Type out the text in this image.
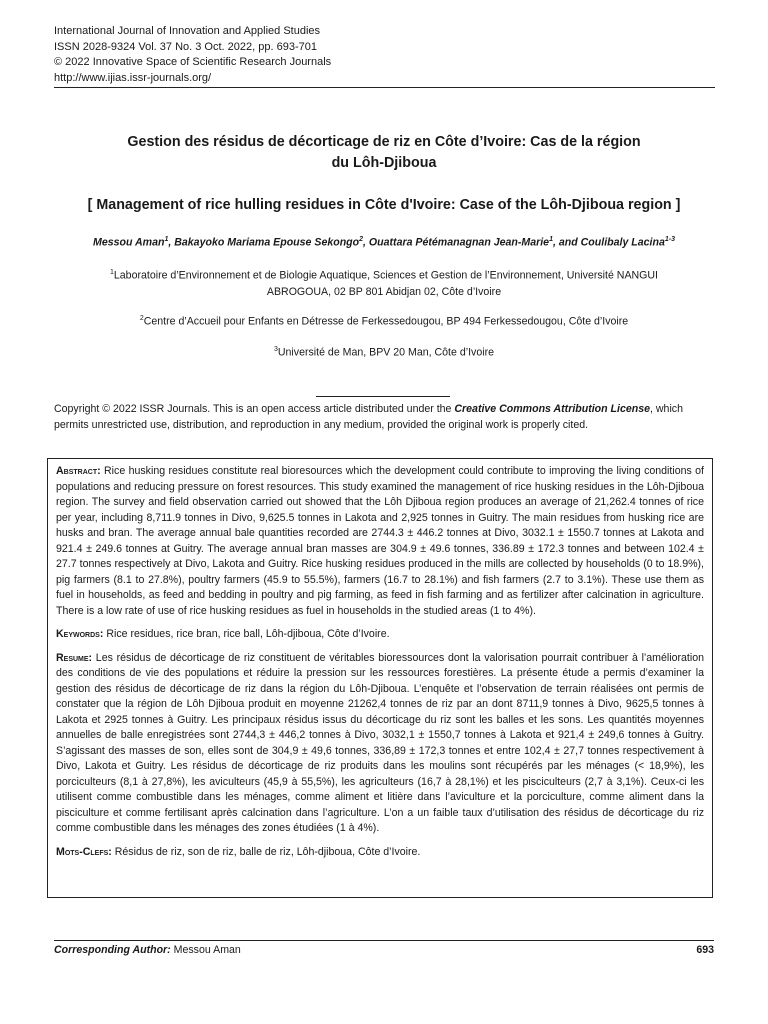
International Journal of Innovation and Applied Studies
ISSN 2028-9324 Vol. 37 No. 3 Oct. 2022, pp. 693-701
© 2022 Innovative Space of Scientific Research Journals
http://www.ijias.issr-journals.org/
Gestion des résidus de décorticage de riz en Côte d’Ivoire: Cas de la région
du Lôh-Djiboua
[ Management of rice hulling residues in Côte d'Ivoire: Case of the Lôh-Djiboua region ]
Messou Aman$^1$, Bakayoko Mariama Epouse Sekongo$^2$, Ouattara Pétémanagnan Jean-Marie$^1$, and Coulibaly Lacina$^{1-3}$
$^1$Laboratoire d’Environnement et de Biologie Aquatique, Sciences et Gestion de l’Environnement, Université NANGUI
ABROGOUA, 02 BP 801 Abidjan 02, Côte d’Ivoire
$^2$Centre d’Accueil pour Enfants en Détresse de Ferkessedougou, BP 494 Ferkessedougou, Côte d’Ivoire
$^3$Université de Man, BPV 20 Man, Côte d’Ivoire
Copyright © 2022 ISSR Journals. This is an open access article distributed under the Creative Commons Attribution License, which permits unrestricted use, distribution, and reproduction in any medium, provided the original work is properly cited.

Abstract: Rice husking residues constitute real bioresources which the development could contribute to improving the living conditions of populations and reducing pressure on forest resources. This study examined the management of rice husking residues in the Lôh-Djiboua region. The survey and field observation carried out showed that the Lôh Djiboua region produces an average of 21,262.4 tonnes of rice per year, including 8,711.9 tonnes in Divo, 9,625.5 tonnes in Lakota and 2,925 tonnes in Guitry. The main residues from husking rice are husks and bran. The average annual bale quantities recorded are 2744.3 ± 446.2 tonnes at Divo, 3032.1 ± 1550.7 tonnes at Lakota and 921.4 ± 249.6 tonnes at Guitry. The average annual bran masses are 304.9 ± 49.6 tonnes, 336.89 ± 172.3 tonnes and between 102.4 ± 27.7 tonnes respectively at Divo, Lakota and Guitry. Rice husking residues produced in the mills are collected by households (0 to 18.9%), pig farmers (8.1 to 27.8%), poultry farmers (45.9 to 55.5%), farmers (16.7 to 28.1%) and fish farmers (2.7 to 3.1%). These use them as fuel in households, as feed and bedding in poultry and pig farming, as feed in fish farming and as fertilizer after calcination in agriculture. There is a low rate of use of rice husking residues as fuel in households in the studied areas (1 to 4%).

Keywords: Rice residues, rice bran, rice ball, Lôh-djiboua, Côte d’Ivoire.

Resume: Les résidus de décorticage de riz constituent de véritables bioressources dont la valorisation pourrait contribuer à l’amélioration des conditions de vie des populations et réduire la pression sur les ressources forestières. La présente étude a permis d’examiner la gestion des résidus de décorticage de riz dans la région du Lôh-Djiboua. L’enquête et l’observation de terrain réalisées ont permis de constater que la région de Lôh Djiboua produit en moyenne 21262,4 tonnes de riz par an dont 8711,9 tonnes à Divo, 9625,5 tonnes à Lakota et 2925 tonnes à Guitry. Les principaux résidus issus du décorticage du riz sont les balles et les sons. Les quantités moyennes annuelles de balle enregistrées sont 2744,3 ± 446,2 tonnes à Divo, 3032,1 ± 1550,7 tonnes à Lakota et 921,4 ± 249,6 tonnes à Guitry. S’agissant des masses de son, elles sont de 304,9 ± 49,6 tonnes, 336,89 ± 172,3 tonnes et entre 102,4 ± 27,7 tonnes respectivement à Divo, Lakota et Guitry. Les résidus de décorticage de riz produits dans les moulins sont récupérés par les ménages (< 18,9%), les porciculteurs (8,1 à 27,8%), les aviculteurs (45,9 à 55,5%), les agriculteurs (16,7 à 28,1%) et les pisciculteurs (2,7 à 3,1%). Ceux-ci les utilisent comme combustible dans les ménages, comme aliment et litière dans l’aviculture et la porciculture, comme aliment dans la pisciculture et comme fertilisant après calcination dans l’agriculture. L’on a un faible taux d’utilisation des résidus de décorticage du riz comme combustible dans les ménages des zones étudiées (1 à 4%).

Mots-Clefs: Résidus de riz, son de riz, balle de riz, Lôh-djiboua, Côte d’Ivoire.

Corresponding Author: Messou Aman	693
